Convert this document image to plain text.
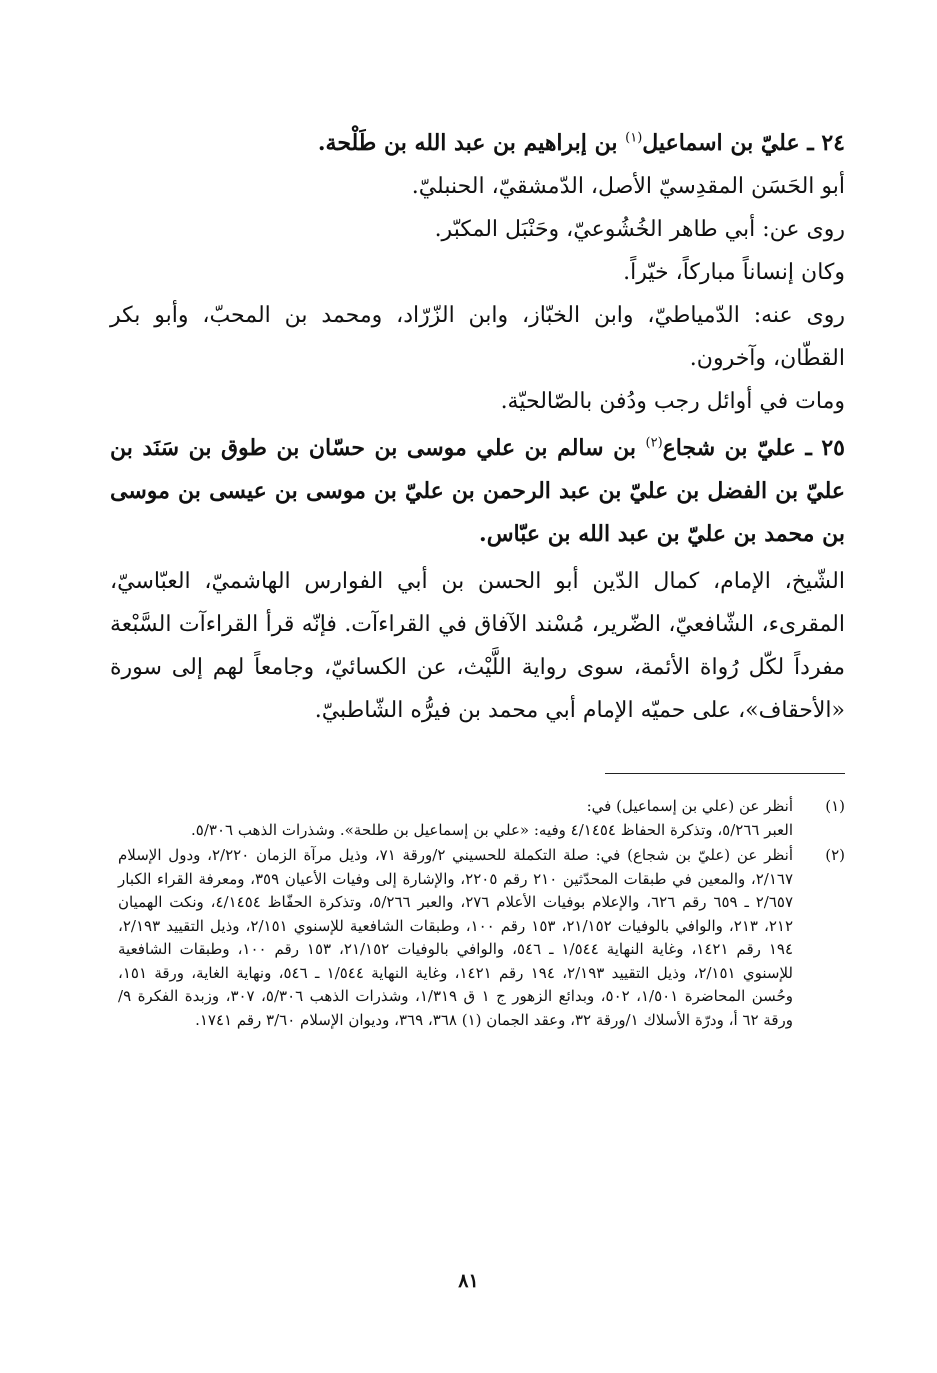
٢٤ ـ عليّ بن اسماعيل$^{(١)}$ بن إبراهيم بن عبد الله بن طَلْحة.

أبو الحَسَن المقدِسيّ الأصل، الدّمشقيّ، الحنبليّ.

روى عن: أبي طاهر الخُشُوعيّ، وحَنْبَل المكبّر.

وكان إنساناً مباركاً، خيّراً.

روى عنه: الدّمياطيّ، وابن الخبّاز، وابن الزّرّاد، ومحمد بن المحبّ، وأبو بكر القطّان، وآخرون.

ومات في أوائل رجب ودُفن بالصّالحيّة.

٢٥ ـ عليّ بن شجاع$^{(٢)}$ بن سالم بن علي موسى بن حسّان بن طوق بن سَنَد بن عليّ بن الفضل بن عليّ بن عبد الرحمن بن عليّ بن موسى بن عيسى بن موسى بن محمد بن عليّ بن عبد الله بن عبّاس.

الشّيخ، الإمام، كمال الدّين أبو الحسن بن أبي الفوارس الهاشميّ، العبّاسيّ، المقرىء، الشّافعيّ، الضّرير، مُسْند الآفاق في القراءآت. فإنّه قرأ القراءآت السَّبْعة مفرداً لكّل رُواة الأئمة، سوى رواية اللَّيْث، عن الكسائيّ، وجامعاً لهم إلى سورة «الأحقاف»، على حميّه الإمام أبي محمد بن فيرُّه الشّاطبيّ.

(١)
أنظر عن (علي بن إسماعيل) في:
العبر ٥/٢٦٦، وتذكرة الحفاظ ٤/١٤٥٤ وفيه: «علي بن إسماعيل بن طلحة». وشذرات الذهب ٥/٣٠٦.
(٢)
أنظر عن (عليّ بن شجاع) في: صلة التكملة للحسيني ٢/ورقة ٧١، وذيل مرآة الزمان ٢/٢٢٠، ودول الإسلام ٢/١٦٧، والمعين في طبقات المحدّثين ٢١٠ رقم ٢٢٠٥، والإشارة إلى وفيات الأعيان ٣٥٩، ومعرفة القراء الكبار ٢/٦٥٧ ـ ٦٥٩ رقم ٦٢٦، والإعلام بوفيات الأعلام ٢٧٦، والعبر ٥/٢٦٦، وتذكرة الحفّاظ ٤/١٤٥٤، ونكت الهميان ٢١٢، ٢١٣، والوافي بالوفيات ٢١/١٥٢، ١٥٣ رقم ١٠٠، وطبقات الشافعية للإسنوي ٢/١٥١، وذيل التقييد ٢/١٩٣، ١٩٤ رقم ١٤٢١، وغاية النهاية ١/٥٤٤ ـ ٥٤٦، والوافي بالوفيات ٢١/١٥٢، ١٥٣ رقم ١٠٠، وطبقات الشافعية للإسنوي ٢/١٥١، وذيل التقييد ٢/١٩٣، ١٩٤ رقم ١٤٢١، وغاية النهاية ١/٥٤٤ ـ ٥٤٦، ونهاية الغاية، ورقة ١٥١، وحُسن المحاضرة ١/٥٠١، ٥٠٢، وبدائع الزهور ج ١ ق ١/٣١٩، وشذرات الذهب ٥/٣٠٦، ٣٠٧، وزبدة الفكرة ٩/ورقة ٦٢ أ، ودرّة الأسلاك ١/ورقة ٣٢، وعقد الجمان (١) ٣٦٨، ٣٦٩، وديوان الإسلام ٣/٦٠ رقم ١٧٤١.
٨١
